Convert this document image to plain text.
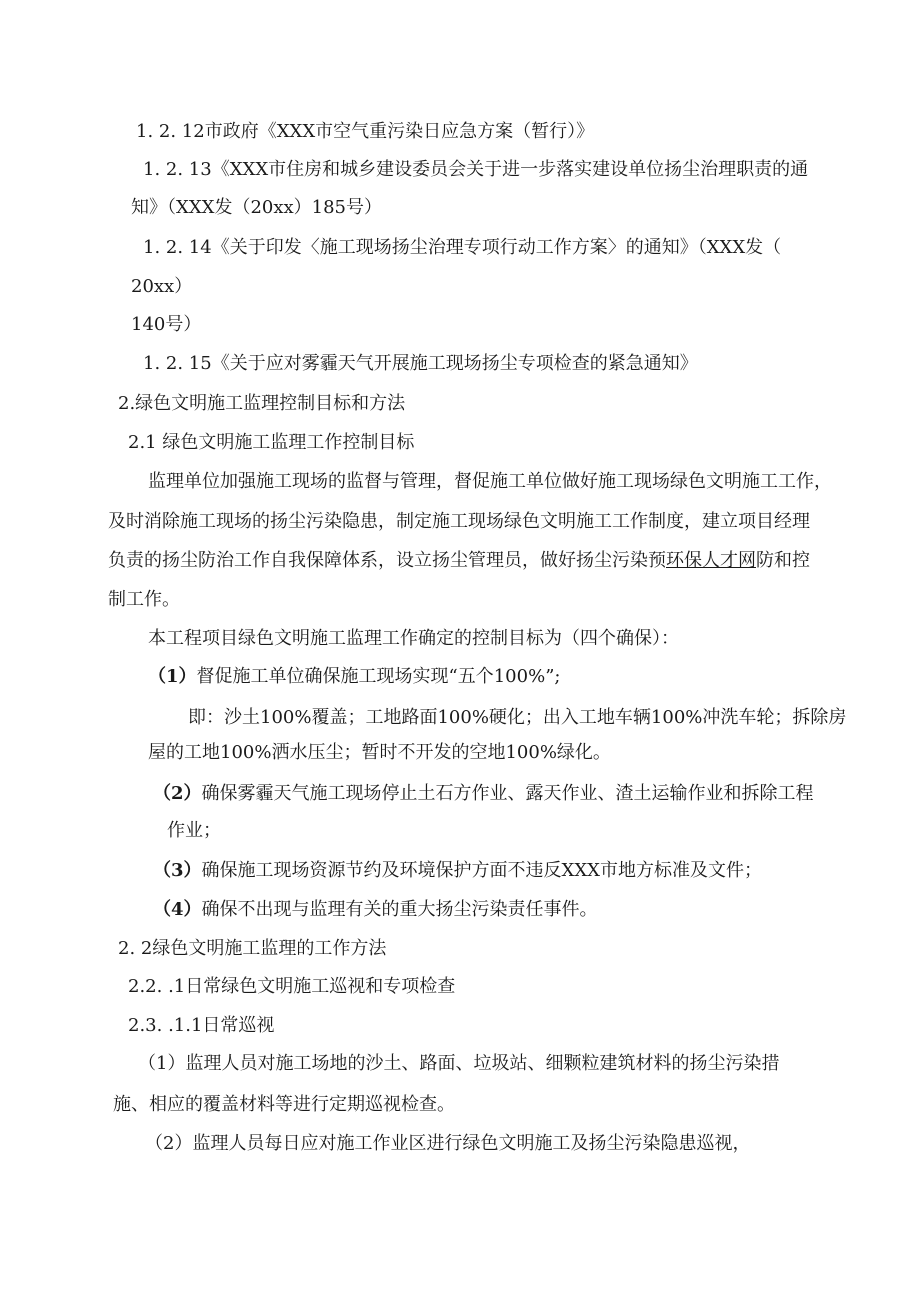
1. 2. 12市政府《XXX市空气重污染日应急方案（暂行）》
1. 2. 13《XXX市住房和城乡建设委员会关于进一步落实建设单位扬尘治理职责的通
知》（XXX发（20xx）185号）
1. 2. 14《关于印发〈施工现场扬尘治理专项行动工作方案〉的通知》（XXX发（
20xx）
140号）
1. 2. 15《关于应对雾霾天气开展施工现场扬尘专项检查的紧急通知》
2.绿色文明施工监理控制目标和方法
2.1 绿色文明施工监理工作控制目标
监理单位加强施工现场的监督与管理，督促施工单位做好施工现场绿色文明施工工作，
及时消除施工现场的扬尘污染隐患，制定施工现场绿色文明施工工作制度，建立项目经理
负责的扬尘防治工作自我保障体系，设立扬尘管理员，做好扬尘污染预环保人才网防和控
制工作。
本工程项目绿色文明施工监理工作确定的控制目标为（四个确保）：
（1）督促施工单位确保施工现场实现“五个100%”;
即：沙土100%覆盖；工地路面100%硬化；出入工地车辆100%冲洗车轮；拆除房
屋的工地100%洒水压尘；暂时不开发的空地100%绿化。
（2）确保雾霾天气施工现场停止土石方作业、露天作业、渣土运输作业和拆除工程
作业；
（3）确保施工现场资源节约及环境保护方面不违反XXX市地方标准及文件；
（4）确保不出现与监理有关的重大扬尘污染责任事件。
2. 2绿色文明施工监理的工作方法
2.2. .1日常绿色文明施工巡视和专项检查
2.3. .1.1日常巡视
（1）监理人员对施工场地的沙土、路面、垃圾站、细颗粒建筑材料的扬尘污染措
施、相应的覆盖材料等进行定期巡视检查。
（2）监理人员每日应对施工作业区进行绿色文明施工及扬尘污染隐患巡视，
